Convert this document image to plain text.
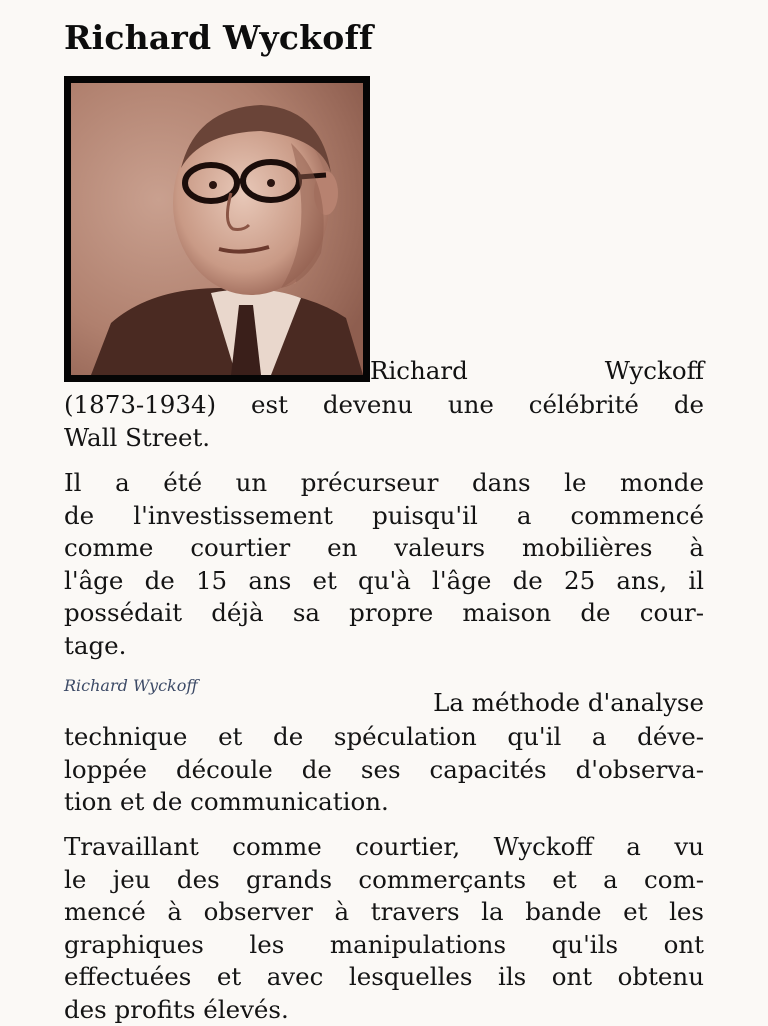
Richard Wyckoff

Richard Wyckoff

(1873-1934) est devenu une célébrité de
Wall Street.

Il a été un précurseur dans le monde
de l'investissement puisqu'il a commencé
comme courtier en valeurs mobilières à
l'âge de 15 ans et qu'à l'âge de 25 ans, il
possédait déjà sa propre maison de cour-
tage.

Richard Wyckoff

La méthode d'analyse

technique et de spéculation qu'il a déve-
loppée découle de ses capacités d'observa-
tion et de communication.

Travaillant comme courtier, Wyckoff a vu
le jeu des grands commerçants et a com-
mencé à observer à travers la bande et les
graphiques les manipulations qu'ils ont
effectuées et avec lesquelles ils ont obtenu
des profits élevés.
